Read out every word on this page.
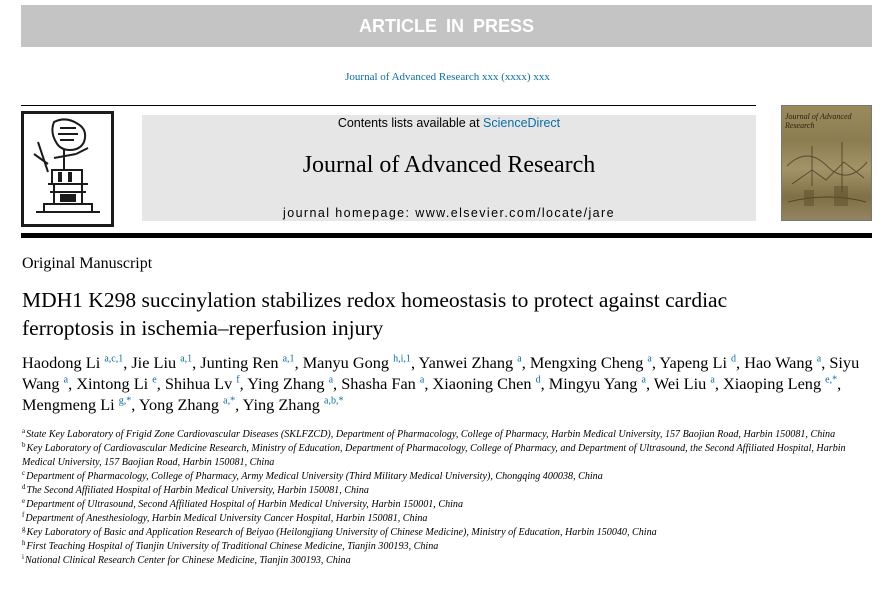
ARTICLE IN PRESS
Journal of Advanced Research xxx (xxxx) xxx
Contents lists available at ScienceDirect
Journal of Advanced Research
journal homepage: www.elsevier.com/locate/jare
Journal of Advanced Research
Original Manuscript
MDH1 K298 succinylation stabilizes redox homeostasis to protect against cardiac ferroptosis in ischemia–reperfusion injury
Haodong Li $^{a,c,1}$, Jie Liu $^{a,1}$, Junting Ren $^{a,1}$, Manyu Gong $^{h,i,1}$, Yanwei Zhang $^a$, Mengxing Cheng $^a$, Yapeng Li $^d$, Hao Wang $^a$, Siyu Wang $^a$, Xintong Li $^e$, Shihua Lv $^f$, Ying Zhang $^a$, Shasha Fan $^a$, Xiaoning Chen $^d$, Mingyu Yang $^a$, Wei Liu $^a$, Xiaoping Leng $^{e,*}$, Mengmeng Li $^{g,*}$, Yong Zhang $^{a,*}$, Ying Zhang $^{a,b,*}$
$^a$State Key Laboratory of Frigid Zone Cardiovascular Diseases (SKLFZCD), Department of Pharmacology, College of Pharmacy, Harbin Medical University, 157 Baojian Road, Harbin 150081, China
$^b$Key Laboratory of Cardiovascular Medicine Research, Ministry of Education, Department of Pharmacology, College of Pharmacy, and Department of Ultrasound, the Second Affiliated Hospital, Harbin Medical University, 157 Baojian Road, Harbin 150081, China
$^c$Department of Pharmacology, College of Pharmacy, Army Medical University (Third Military Medical University), Chongqing 400038, China
$^d$The Second Affiliated Hospital of Harbin Medical University, Harbin 150081, China
$^e$Department of Ultrasound, Second Affiliated Hospital of Harbin Medical University, Harbin 150001, China
$^f$Department of Anesthesiology, Harbin Medical University Cancer Hospital, Harbin 150081, China
$^g$Key Laboratory of Basic and Application Research of Beiyao (Heilongjiang University of Chinese Medicine), Ministry of Education, Harbin 150040, China
$^h$First Teaching Hospital of Tianjin University of Traditional Chinese Medicine, Tianjin 300193, China
$^i$National Clinical Research Center for Chinese Medicine, Tianjin 300193, China
